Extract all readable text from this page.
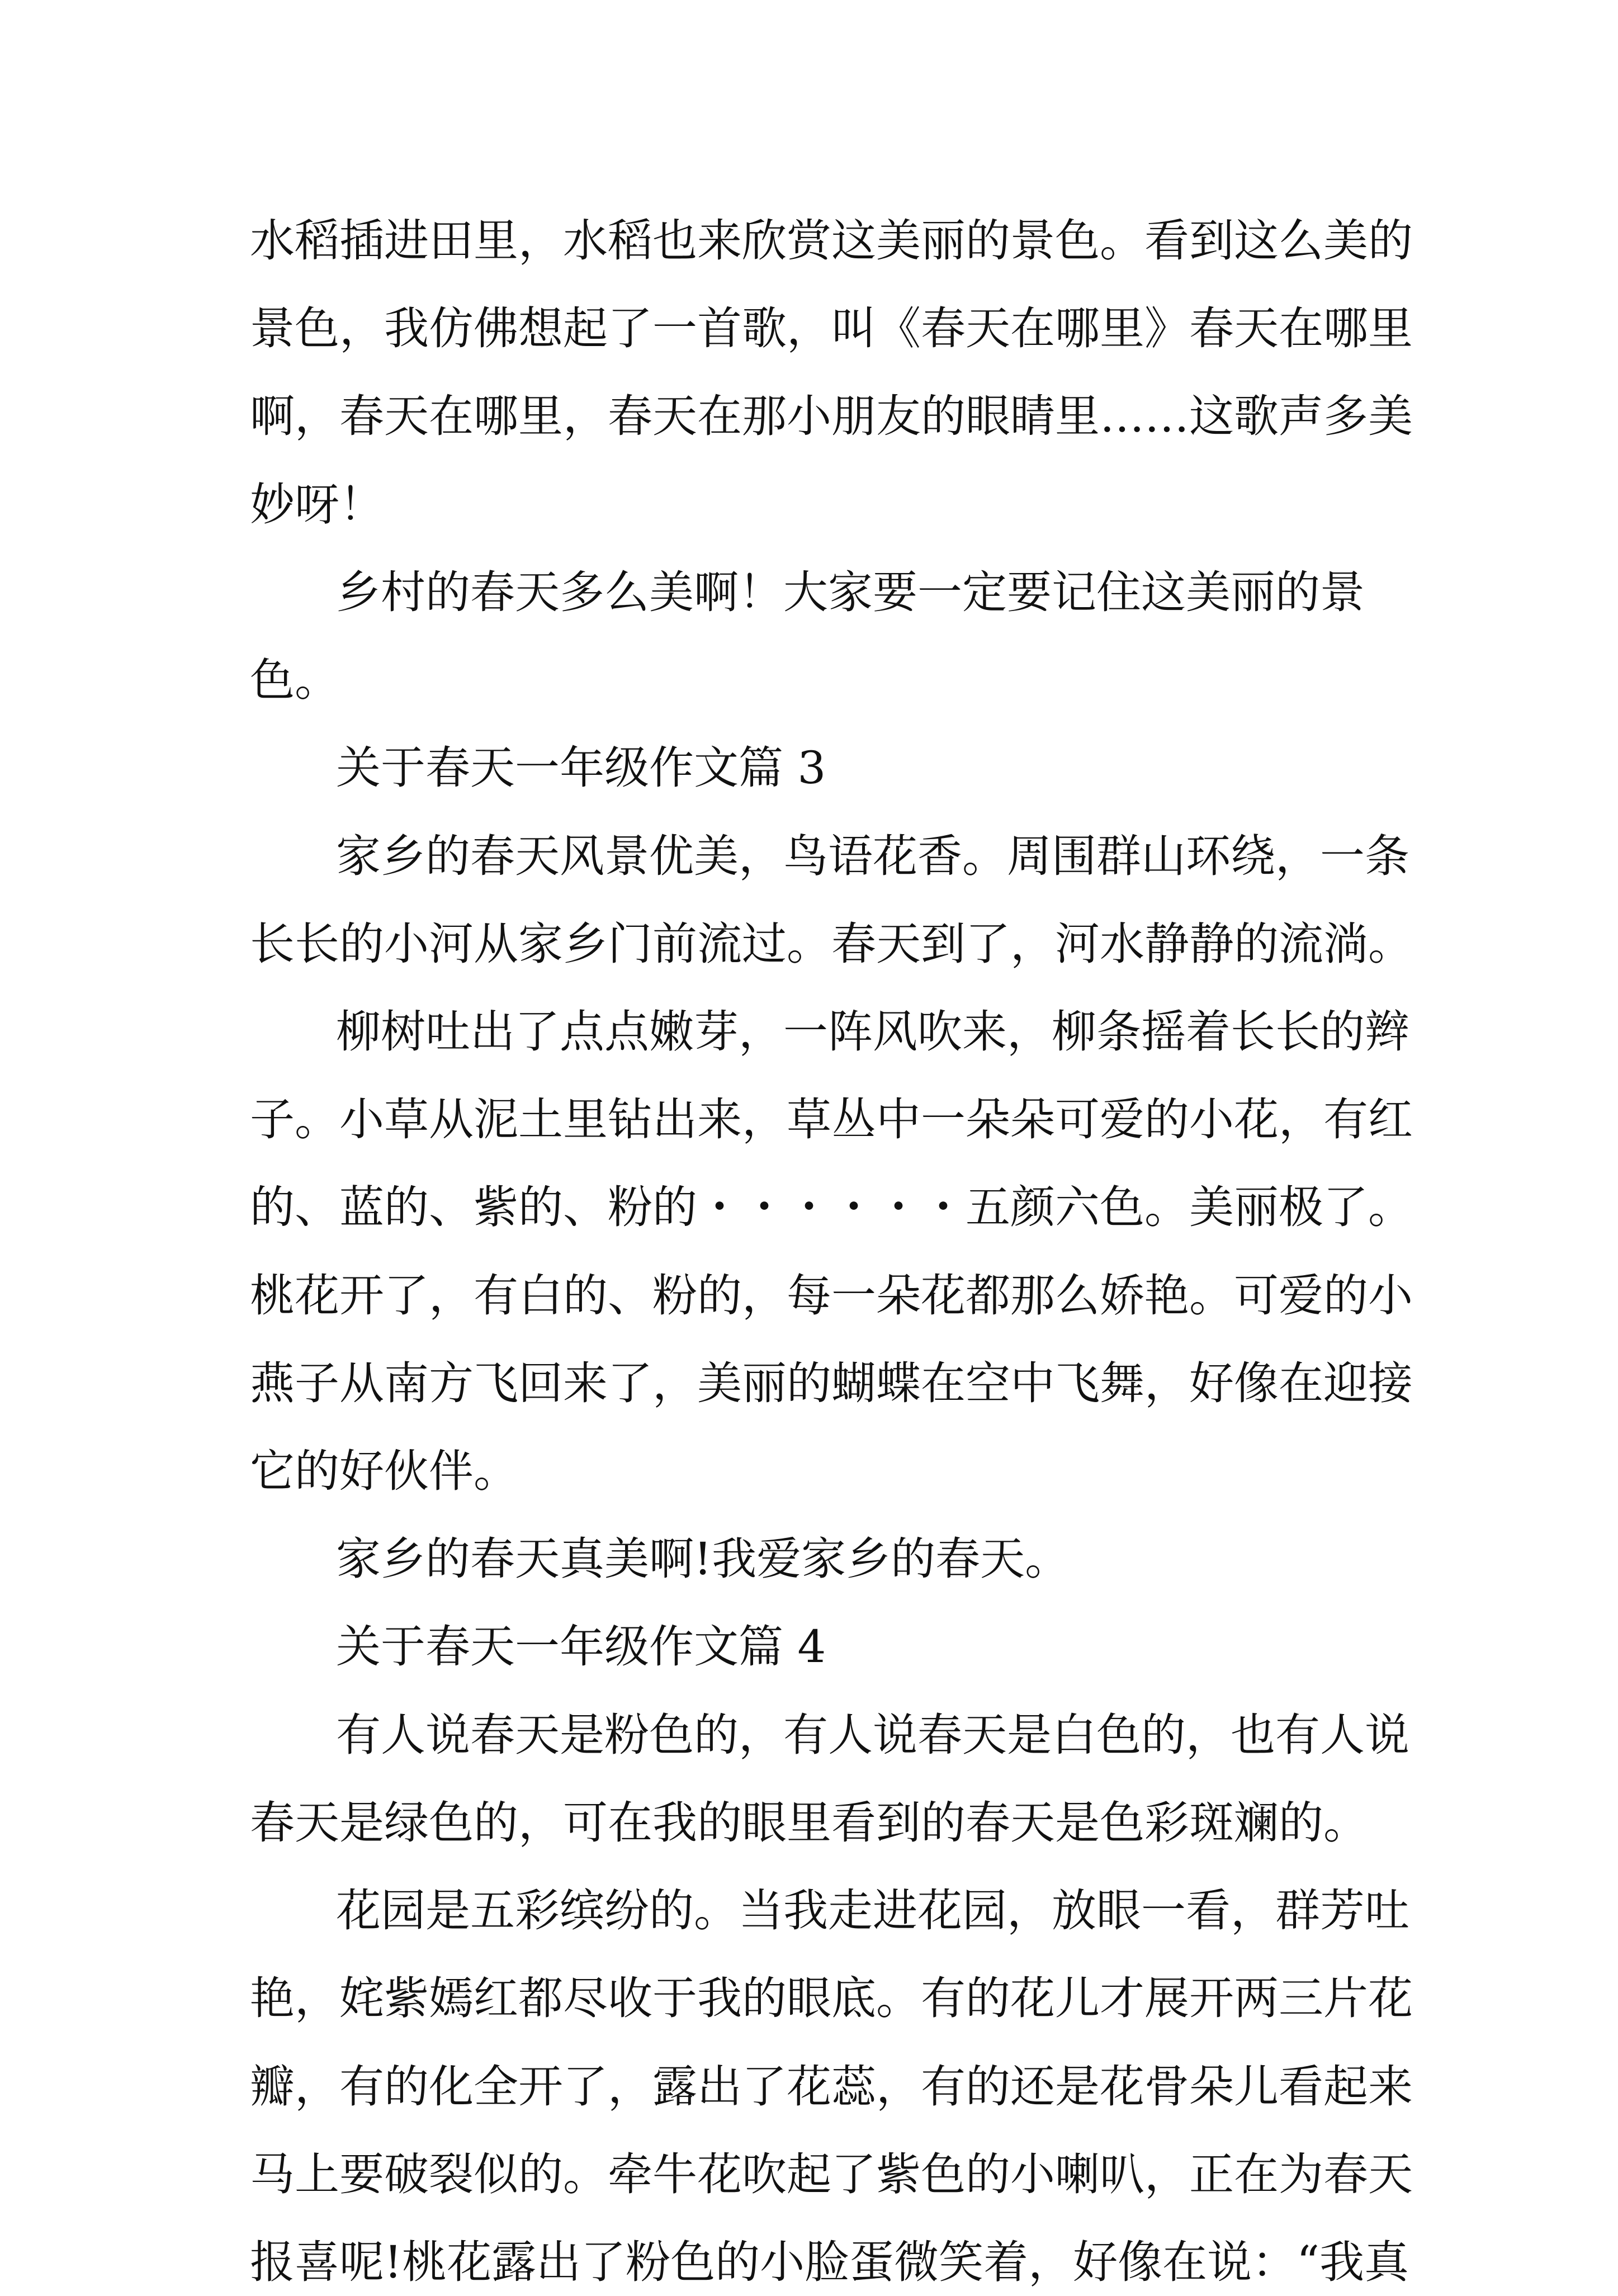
水稻插进田里，水稻也来欣赏这美丽的景色。看到这么美的
景色，我仿佛想起了一首歌，叫《春天在哪里》春天在哪里
啊，春天在哪里，春天在那小朋友的眼睛里……这歌声多美
妙呀！
乡村的春天多么美啊！大家要一定要记住这美丽的景
色。
关于春天一年级作文篇 3
家乡的春天风景优美，鸟语花香。周围群山环绕，一条
长长的小河从家乡门前流过。春天到了，河水静静的流淌。
柳树吐出了点点嫩芽，一阵风吹来，柳条摇着长长的辫
子。小草从泥土里钻出来，草丛中一朵朵可爱的小花，有红
的、蓝的、紫的、粉的・・・・・・五颜六色。美丽极了。
桃花开了，有白的、粉的，每一朵花都那么娇艳。可爱的小
燕子从南方飞回来了，美丽的蝴蝶在空中飞舞，好像在迎接
它的好伙伴。
家乡的春天真美啊!我爱家乡的春天。
关于春天一年级作文篇 4
有人说春天是粉色的，有人说春天是白色的，也有人说
春天是绿色的，可在我的眼里看到的春天是色彩斑斓的。
花园是五彩缤纷的。当我走进花园，放眼一看，群芳吐
艳，姹紫嫣红都尽收于我的眼底。有的花儿才展开两三片花
瓣，有的化全开了，露出了花蕊，有的还是花骨朵儿看起来
马上要破裂似的。牵牛花吹起了紫色的小喇叭，正在为春天
报喜呢!桃花露出了粉色的小脸蛋微笑着，好像在说：“我真
